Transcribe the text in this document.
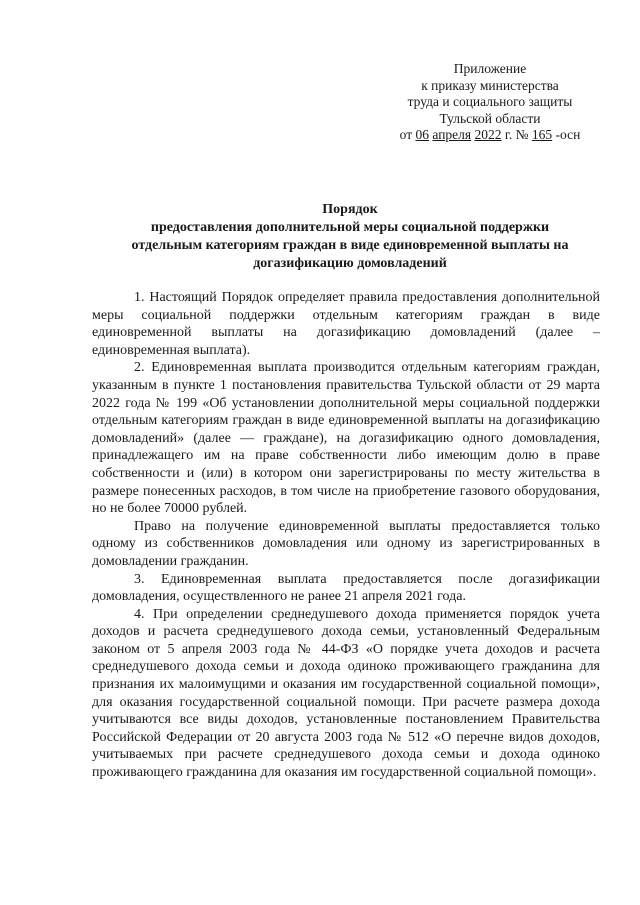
Приложение
к приказу министерства
труда и социального защиты
Тульской области
от 06 апреля 2022 г. № 165 -осн
Порядок
предоставления дополнительной меры социальной поддержки
отдельным категориям граждан в виде единовременной выплаты на
догазификацию домовладений

1. Настоящий Порядок определяет правила предоставления дополнительной меры социальной поддержки отдельным категориям граждан в виде единовременной выплаты на догазификацию домовладений (далее – единовременная выплата).

2. Единовременная выплата производится отдельным категориям граждан, указанным в пункте 1 постановления правительства Тульской области от 29 марта 2022 года № 199 «Об установлении дополнительной меры социальной поддержки отдельным категориям граждан в виде единовременной выплаты на догазификацию домовладений» (далее — граждане), на догазификацию одного домовладения, принадлежащего им на праве собственности либо имеющим долю в праве собственности и (или) в котором они зарегистрированы по месту жительства в размере понесенных расходов, в том числе на приобретение газового оборудования, но не более 70000 рублей.

Право на получение единовременной выплаты предоставляется только одному из собственников домовладения или одному из зарегистрированных в домовладении гражданин.

3. Единовременная выплата предоставляется после догазификации домовладения, осуществленного не ранее 21 апреля 2021 года.

4. При определении среднедушевого дохода применяется порядок учета доходов и расчета среднедушевого дохода семьи, установленный Федеральным законом от 5 апреля 2003 года № 44-ФЗ «О порядке учета доходов и расчета среднедушевого дохода семьи и дохода одиноко проживающего гражданина для признания их малоимущими и оказания им государственной социальной помощи», для оказания государственной социальной помощи. При расчете размера дохода учитываются все виды доходов, установленные постановлением Правительства Российской Федерации от 20 августа 2003 года № 512 «О перечне видов доходов, учитываемых при расчете среднедушевого дохода семьи и дохода одиноко проживающего гражданина для оказания им государственной социальной помощи».
